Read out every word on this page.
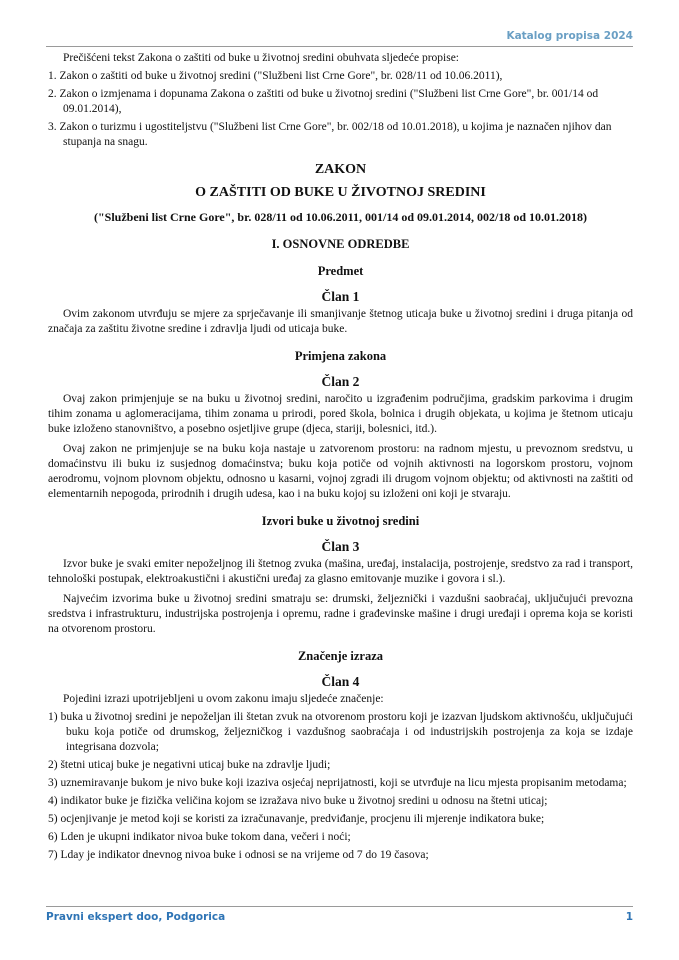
Katalog propisa 2024

Prečišćeni tekst Zakona o zaštiti od buke u životnoj sredini obuhvata sljedeće propise:

1. Zakon o zaštiti od buke u životnoj sredini ("Službeni list Crne Gore", br. 028/11 od 10.06.2011),

2. Zakon o izmjenama i dopunama Zakona o zaštiti od buke u životnoj sredini ("Službeni list Crne Gore", br. 001/14 od 09.01.2014),

3. Zakon o turizmu i ugostiteljstvu ("Službeni list Crne Gore", br. 002/18 od 10.01.2018), u kojima je naznačen njihov dan stupanja na snagu.

ZAKON
O ZAŠTITI OD BUKE U ŽIVOTNOJ SREDINI
("Službeni list Crne Gore", br. 028/11 od 10.06.2011, 001/14 od 09.01.2014, 002/18 od 10.01.2018)
I. OSNOVNE ODREDBE
Predmet
Član 1

Ovim zakonom utvrđuju se mjere za sprječavanje ili smanjivanje štetnog uticaja buke u životnoj sredini i druga pitanja od značaja za zaštitu životne sredine i zdravlja ljudi od uticaja buke.

Primjena zakona
Član 2

Ovaj zakon primjenjuje se na buku u životnoj sredini, naročito u izgrađenim područjima, gradskim parkovima i drugim tihim zonama u aglomeracijama, tihim zonama u prirodi, pored škola, bolnica i drugih objekata, u kojima je štetnom uticaju buke izloženo stanovništvo, a posebno osjetljive grupe (djeca, stariji, bolesnici, itd.).

Ovaj zakon ne primjenjuje se na buku koja nastaje u zatvorenom prostoru: na radnom mjestu, u prevoznom sredstvu, u domaćinstvu ili buku iz susjednog domaćinstva; buku koja potiče od vojnih aktivnosti na logorskom prostoru, vojnom aerodromu, vojnom plovnom objektu, odnosno u kasarni, vojnoj zgradi ili drugom vojnom objektu; od aktivnosti na zaštiti od elementarnih nepogoda, prirodnih i drugih udesa, kao i na buku kojoj su izloženi oni koji je stvaraju.

Izvori buke u životnoj sredini
Član 3

Izvor buke je svaki emiter nepoželjnog ili štetnog zvuka (mašina, uređaj, instalacija, postrojenje, sredstvo za rad i transport, tehnološki postupak, elektroakustični i akustični uređaj za glasno emitovanje muzike i govora i sl.).

Najvećim izvorima buke u životnoj sredini smatraju se: drumski, željeznički i vazdušni saobraćaj, uključujući prevozna sredstva i infrastrukturu, industrijska postrojenja i opremu, radne i građevinske mašine i drugi uređaji i oprema koja se koristi na otvorenom prostoru.

Značenje izraza
Član 4

Pojedini izrazi upotrijebljeni u ovom zakonu imaju sljedeće značenje:

1) buka u životnoj sredini je nepoželjan ili štetan zvuk na otvorenom prostoru koji je izazvan ljudskom aktivnošću, uključujući buku koja potiče od drumskog, željezničkog i vazdušnog saobraćaja i od industrijskih postrojenja za koja se izdaje integrisana dozvola;

2) štetni uticaj buke je negativni uticaj buke na zdravlje ljudi;

3) uznemiravanje bukom je nivo buke koji izaziva osjećaj neprijatnosti, koji se utvrđuje na licu mjesta propisanim metodama;

4) indikator buke je fizička veličina kojom se izražava nivo buke u životnoj sredini u odnosu na štetni uticaj;

5) ocjenjivanje je metod koji se koristi za izračunavanje, predviđanje, procjenu ili mjerenje indikatora buke;

6) Lden je ukupni indikator nivoa buke tokom dana, večeri i noći;

7) Lday je indikator dnevnog nivoa buke i odnosi se na vrijeme od 7 do 19 časova;

Pravni ekspert doo, Podgorica	1
